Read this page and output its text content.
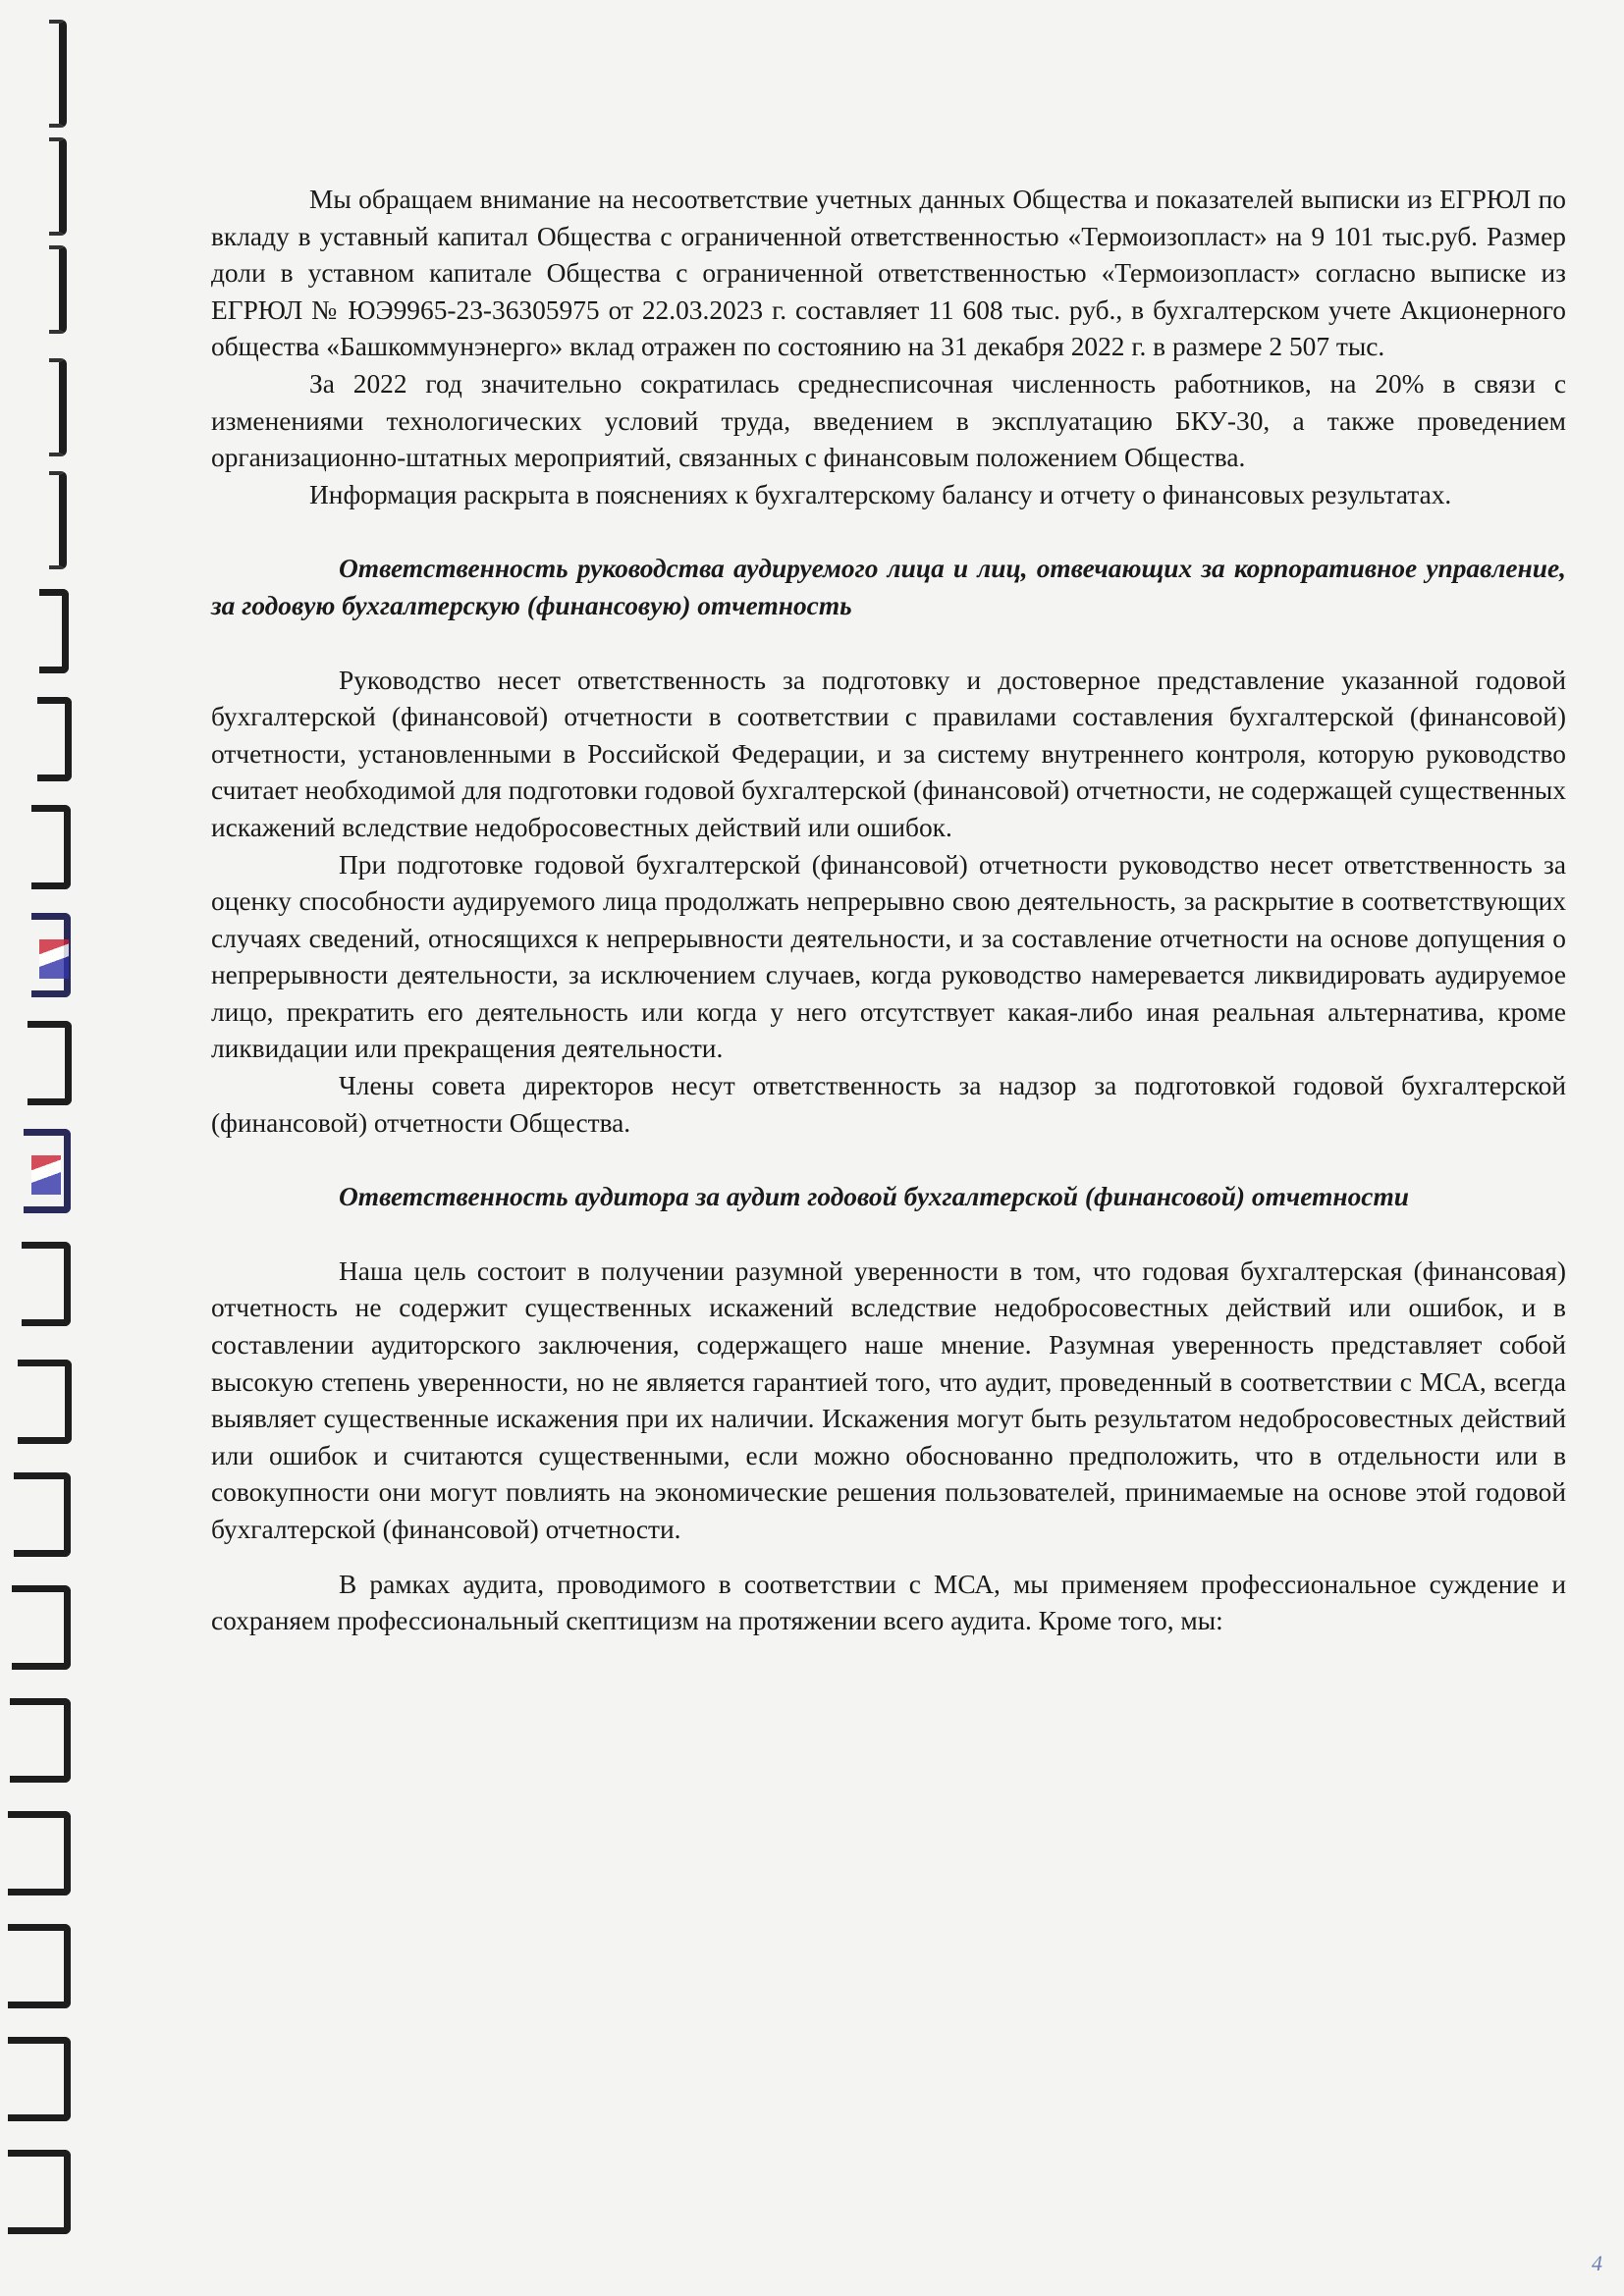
Мы обращаем внимание на несоответствие учетных данных Общества и показателей выписки из ЕГРЮЛ по вкладу в уставный капитал Общества с ограниченной ответственностью «Термоизопласт» на 9 101 тыс.руб. Размер доли в уставном капитале Общества с ограниченной ответственностью «Термоизопласт» согласно выписке из ЕГРЮЛ № ЮЭ9965-23-36305975 от 22.03.2023 г. составляет 11 608 тыс. руб., в бухгалтерском учете Акционерного общества «Башкоммунэнерго» вклад отражен по состоянию на 31 декабря 2022 г. в размере 2 507 тыс.

За 2022 год значительно сократилась среднесписочная численность работников, на 20% в связи с изменениями технологических условий труда, введением в эксплуатацию БКУ-30, а также проведением организационно-штатных мероприятий, связанных с финансовым положением Общества.

Информация раскрыта в пояснениях к бухгалтерскому балансу и отчету о финансовых результатах.

Ответственность руководства аудируемого лица и лиц, отвечающих за корпоративное управление, за годовую бухгалтерскую (финансовую) отчетность

Руководство несет ответственность за подготовку и достоверное представление указанной годовой бухгалтерской (финансовой) отчетности в соответствии с правилами составления бухгалтерской (финансовой) отчетности, установленными в Российской Федерации, и за систему внутреннего контроля, которую руководство считает необходимой для подготовки годовой бухгалтерской (финансовой) отчетности, не содержащей существенных искажений вследствие недобросовестных действий или ошибок.

При подготовке годовой бухгалтерской (финансовой) отчетности руководство несет ответственность за оценку способности аудируемого лица продолжать непрерывно свою деятельность, за раскрытие в соответствующих случаях сведений, относящихся к непрерывности деятельности, и за составление отчетности на основе допущения о непрерывности деятельности, за исключением случаев, когда руководство намеревается ликвидировать аудируемое лицо, прекратить его деятельность или когда у него отсутствует какая-либо иная реальная альтернатива, кроме ликвидации или прекращения деятельности.

Члены совета директоров несут ответственность за надзор за подготовкой годовой бухгалтерской (финансовой) отчетности Общества.

Ответственность аудитора за аудит годовой бухгалтерской (финансовой) отчетности

Наша цель состоит в получении разумной уверенности в том, что годовая бухгалтерская (финансовая) отчетность не содержит существенных искажений вследствие недобросовестных действий или ошибок, и в составлении аудиторского заключения, содержащего наше мнение. Разумная уверенность представляет собой высокую степень уверенности, но не является гарантией того, что аудит, проведенный в соответствии с МСА, всегда выявляет существенные искажения при их наличии. Искажения могут быть результатом недобросовестных действий или ошибок и считаются существенными, если можно обоснованно предположить, что в отдельности или в совокупности они могут повлиять на экономические решения пользователей, принимаемые на основе этой годовой бухгалтерской (финансовой) отчетности.

В рамках аудита, проводимого в соответствии с МСА, мы применяем профессиональное суждение и сохраняем профессиональный скептицизм на протяжении всего аудита. Кроме того, мы:

4
